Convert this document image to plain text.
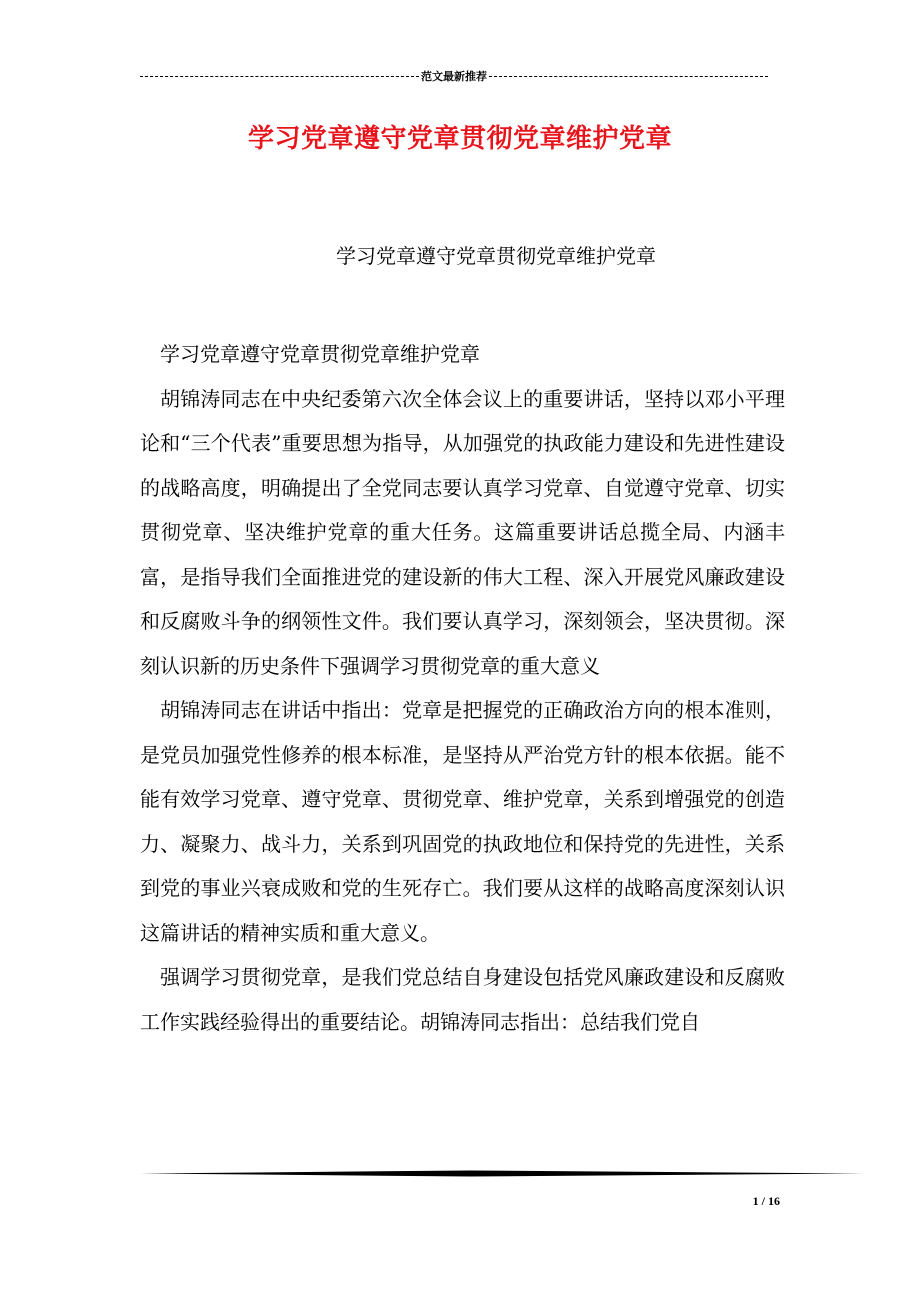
范文最新推荐
学习党章遵守党章贯彻党章维护党章

学习党章遵守党章贯彻党章维护党章

学习党章遵守党章贯彻党章维护党章

胡锦涛同志在中央纪委第六次全体会议上的重要讲话，坚持以邓小平理论和“三个代表”重要思想为指导，从加强党的执政能力建设和先进性建设的战略高度，明确提出了全党同志要认真学习党章、自觉遵守党章、切实贯彻党章、坚决维护党章的重大任务。这篇重要讲话总揽全局、内涵丰富，是指导我们全面推进党的建设新的伟大工程、深入开展党风廉政建设和反腐败斗争的纲领性文件。我们要认真学习，深刻领会，坚决贯彻。深刻认识新的历史条件下强调学习贯彻党章的重大意义

胡锦涛同志在讲话中指出：党章是把握党的正确政治方向的根本准则，是党员加强党性修养的根本标准，是坚持从严治党方针的根本依据。能不能有效学习党章、遵守党章、贯彻党章、维护党章，关系到增强党的创造力、凝聚力、战斗力，关系到巩固党的执政地位和保持党的先进性，关系到党的事业兴衰成败和党的生死存亡。我们要从这样的战略高度深刻认识这篇讲话的精神实质和重大意义。

强调学习贯彻党章，是我们党总结自身建设包括党风廉政建设和反腐败工作实践经验得出的重要结论。胡锦涛同志指出：总结我们党自

1 / 16
